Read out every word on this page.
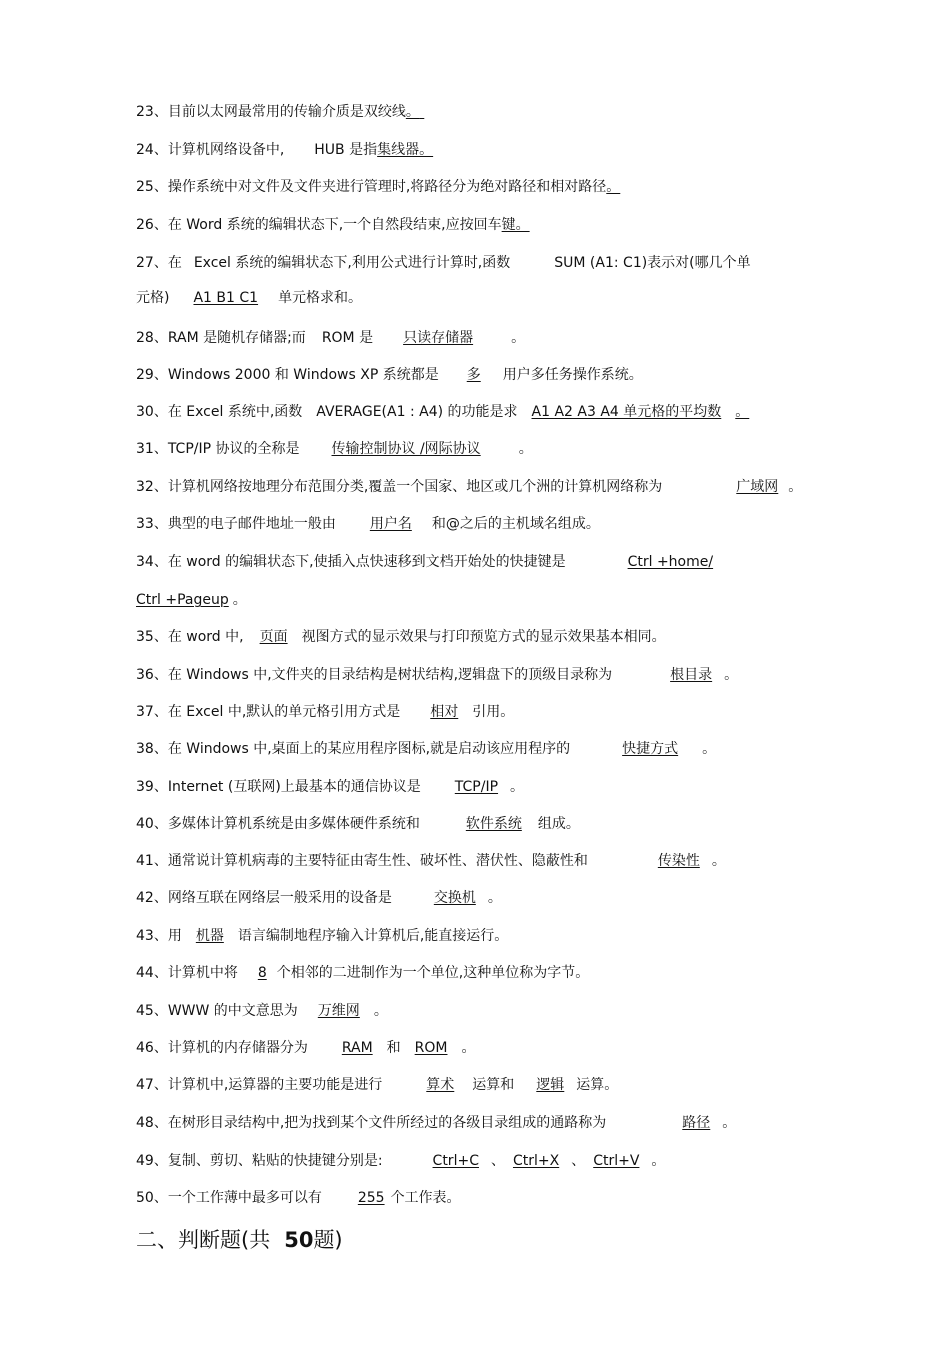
23、目前以太网最常用的传输介质是双绞线。
24、计算机网络设备中, HUB 是指集线器。
25、操作系统中对文件及文件夹进行管理时,将路径分为绝对路径和相对路径。
26、在 Word 系统的编辑状态下,一个自然段结束,应按回车键。
27、在 Excel 系统的编辑状态下,利用公式进行计算时,函数	SUM (A1: C1)表示对(哪几个单
元格) A1 B1 C1 单元格求和。
28、RAM 是随机存储器;而 ROM 是 只读存储器	。
29、Windows 2000 和 Windows XP 系统都是 多 用户多任务操作系统。
30、在 Excel 系统中,函数 AVERAGE(A1 : A4) 的功能是求 A1 A2 A3 A4 单元格的平均数 。
31、TCP/IP 协议的全称是 传输控制协议 /网际协议	。
32、计算机网络按地理分布范围分类,覆盖一个国家、地区或几个洲的计算机网络称为	广域网 。
33、典型的电子邮件地址一般由 用户名 和@之后的主机域名组成。
34、在 word 的编辑状态下,使插入点快速移到文档开始处的快捷键是	Ctrl +home/
Ctrl +Pageup 。
35、在 word 中, 页面 视图方式的显示效果与打印预览方式的显示效果基本相同。
36、在 Windows 中,文件夹的目录结构是树状结构,逻辑盘下的顶级目录称为	根目录 。
37、在 Excel 中,默认的单元格引用方式是 相对 引用。
38、在 Windows 中,桌面上的某应用程序图标,就是启动该应用程序的	快捷方式 。
39、Internet (互联网)上最基本的通信协议是 TCP/IP 。
40、多媒体计算机系统是由多媒体硬件系统和	软件系统 组成。
41、通常说计算机病毒的主要特征由寄生性、破坏性、潜伏性、隐蔽性和	传染性 。
42、网络互联在网络层一般采用的设备是	交换机 。
43、用 机器 语言编制地程序输入计算机后,能直接运行。
44、计算机中将 8 个相邻的二进制作为一个单位,这种单位称为字节。
45、WWW 的中文意思为 万维网 。
46、计算机的内存储器分为 RAM 和 ROM 。
47、计算机中,运算器的主要功能是进行	算术 运算和 逻辑 运算。
48、在树形目录结构中,把为找到某个文件所经过的各级目录组成的通路称为	路径 。
49、复制、剪切、粘贴的快捷键分别是:	Ctrl+C 、 Ctrl+X 、 Ctrl+V 。
50、一个工作薄中最多可以有	255 个工作表。
二、判断题(共 50题)
